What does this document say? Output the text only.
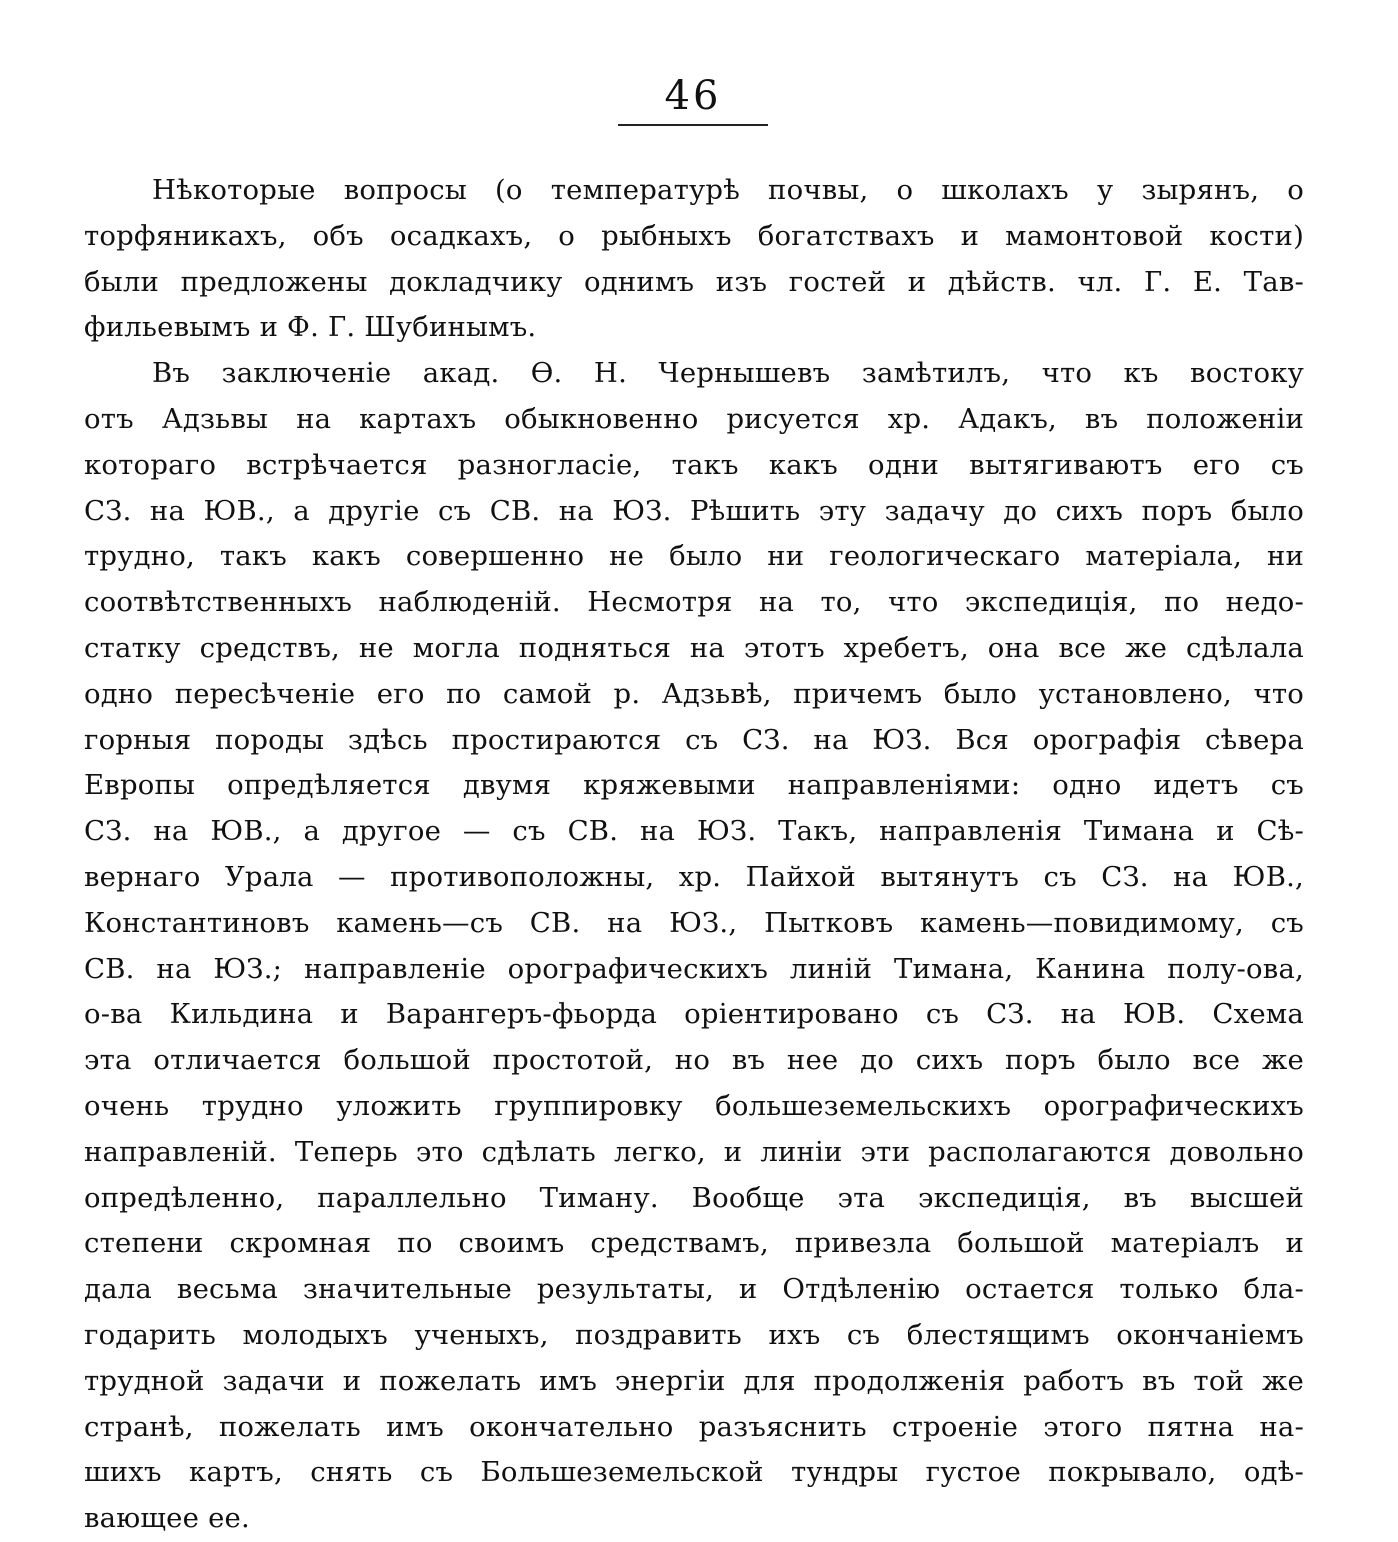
46
Нѣкоторые вопросы (о температурѣ почвы, о школахъ у зырянъ, о
торфяникахъ, объ осадкахъ, о рыбныхъ богатствахъ и мамонтовой кости)
были предложены докладчику однимъ изъ гостей и дѣйств. чл. Г. Е. Тав-
фильевымъ и Ф. Г. Шубинымъ.
Въ заключеніе акад. Ѳ. Н. Чернышевъ замѣтилъ, что къ востоку
отъ Адзьвы на картахъ обыкновенно рисуется хр. Адакъ, въ положеніи
котораго встрѣчается разногласіе, такъ какъ одни вытягиваютъ его съ
СЗ. на ЮВ., а другіе съ СВ. на ЮЗ. Рѣшить эту задачу до сихъ поръ было
трудно, такъ какъ совершенно не было ни геологическаго матеріала, ни
соотвѣтственныхъ наблюденій. Несмотря на то, что экспедиція, по недо-
статку средствъ, не могла подняться на этотъ хребетъ, она все же сдѣлала
одно пересѣченіе его по самой р. Адзьвѣ, причемъ было установлено, что
горныя породы здѣсь простираются съ СЗ. на ЮЗ. Вся орографія сѣвера
Европы опредѣляется двумя кряжевыми направленіями: одно идетъ съ
СЗ. на ЮВ., а другое — съ СВ. на ЮЗ. Такъ, направленія Тимана и Сѣ-
вернаго Урала — противоположны, хр. Пайхой вытянутъ съ СЗ. на ЮВ.,
Константиновъ камень—съ СВ. на ЮЗ., Пытковъ камень—повидимому, съ
СВ. на ЮЗ.; направленіе орографическихъ линій Тимана, Канина полу-ова,
о-ва Кильдина и Варангеръ-фьорда оріентировано съ СЗ. на ЮВ. Схема
эта отличается большой простотой, но въ нее до сихъ поръ было все же
очень трудно уложить группировку большеземельскихъ орографическихъ
направленій. Теперь это сдѣлать легко, и линіи эти располагаются довольно
опредѣленно, параллельно Тиману. Вообще эта экспедиція, въ высшей
степени скромная по своимъ средствамъ, привезла большой матеріалъ и
дала весьма значительные результаты, и Отдѣленію остается только бла-
годарить молодыхъ ученыхъ, поздравить ихъ съ блестящимъ окончаніемъ
трудной задачи и пожелать имъ энергіи для продолженія работъ въ той же
странѣ, пожелать имъ окончательно разъяснить строеніе этого пятна на-
шихъ картъ, снять съ Большеземельской тундры густое покрывало, одѣ-
вающее ее.
